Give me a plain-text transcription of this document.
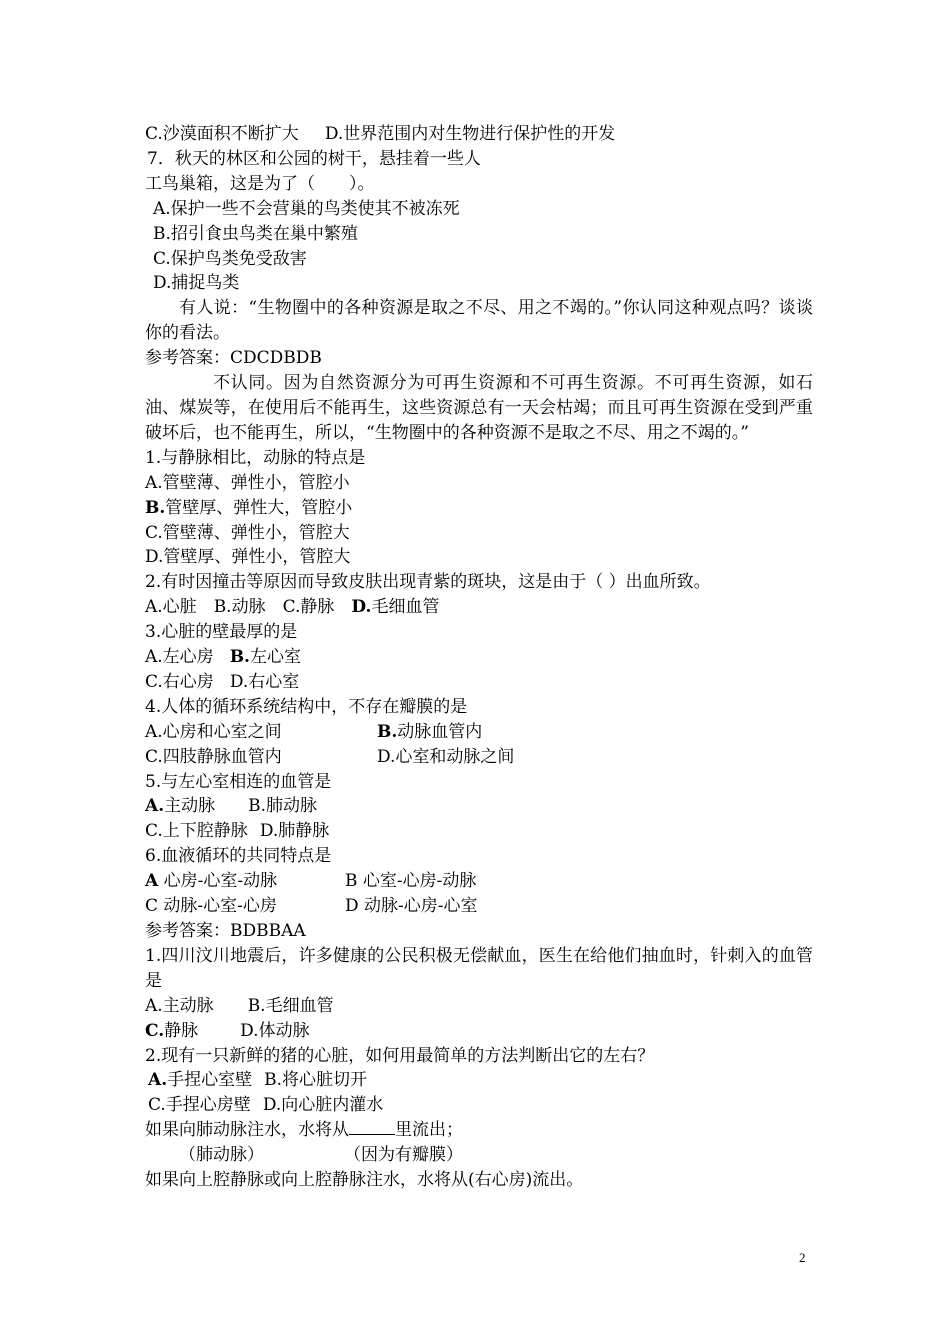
C.沙漠面积不断扩大 D.世界范围内对生物进行保护性的开发
7．秋天的林区和公园的树干，悬挂着一些人
工鸟巢箱，这是为了（　　）。
A.保护一些不会营巢的鸟类使其不被冻死
B.招引食虫鸟类在巢中繁殖
C.保护鸟类免受敌害
D.捕捉鸟类
有人说：“生物圈中的各种资源是取之不尽、用之不竭的。”你认同这种观点吗？谈谈你的看法。
参考答案：CDCDBDB
不认同。因为自然资源分为可再生资源和不可再生资源。不可再生资源，如石油、煤炭等，在使用后不能再生，这些资源总有一天会枯竭；而且可再生资源在受到严重破坏后，也不能再生，所以，“生物圈中的各种资源不是取之不尽、用之不竭的。”
1.与静脉相比，动脉的特点是
A.管壁薄、弹性小，管腔小
B.管壁厚、弹性大，管腔小
C.管壁薄、弹性小，管腔大
D.管壁厚、弹性小，管腔大
2.有时因撞击等原因而导致皮肤出现青紫的斑块，这是由于（ ）出血所致。
A.心脏 B.动脉 C.静脉 D.毛细血管
3.心脏的壁最厚的是
A.左心房 B.左心室
C.右心房 D.右心室
4.人体的循环系统结构中，不存在瓣膜的是
A.心房和心室之间	B.动脉血管内
C.四肢静脉血管内	D.心室和动脉之间
5.与左心室相连的血管是
A.主动脉 B.肺动脉
C.上下腔静脉 D.肺静脉
6.血液循环的共同特点是
A 心房-心室-动脉	B 心室-心房-动脉
C 动脉-心室-心房	D 动脉-心房-心室
参考答案：BDBBAA
1.四川汶川地震后，许多健康的公民积极无偿献血，医生在给他们抽血时，针刺入的血管是
A.主动脉 B.毛细血管
C.静脉 D.体动脉
2.现有一只新鲜的猪的心脏，如何用最简单的方法判断出它的左右？
A.手捏心室壁 B.将心脏切开
C.手捏心房壁 D.向心脏内灌水
如果向肺动脉注水，水将从	里流出；
（肺动脉）	（因为有瓣膜）
如果向上腔静脉或向上腔静脉注水，水将从(右心房)流出。
2
